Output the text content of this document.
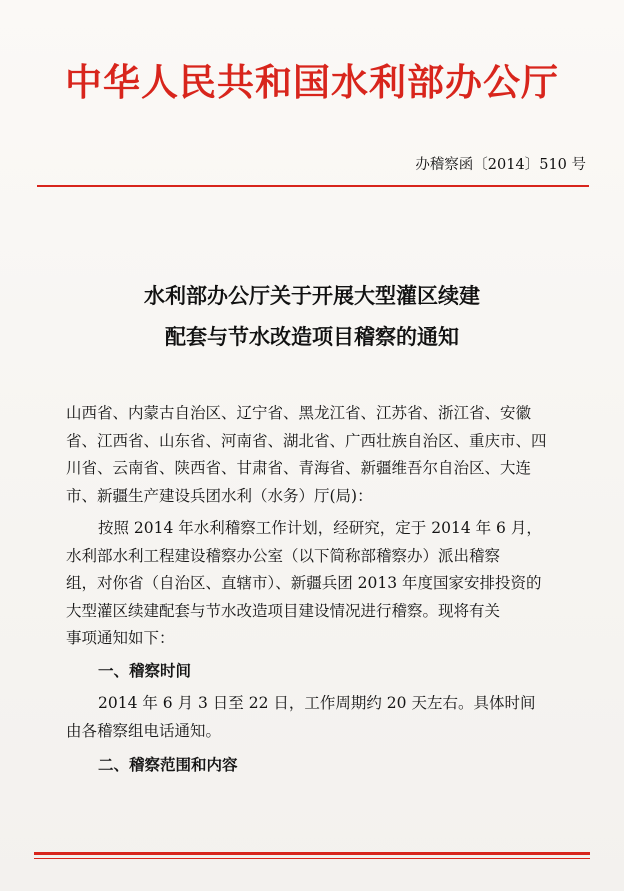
中华人民共和国水利部办公厅
办稽察函〔2014〕510 号
水利部办公厅关于开展大型灌区续建
配套与节水改造项目稽察的通知
山西省、内蒙古自治区、辽宁省、黑龙江省、江苏省、浙江省、安徽
省、江西省、山东省、河南省、湖北省、广西壮族自治区、重庆市、四
川省、云南省、陕西省、甘肃省、青海省、新疆维吾尔自治区、大连
市、新疆生产建设兵团水利（水务）厅(局)：
按照 2014 年水利稽察工作计划，经研究，定于 2014 年 6 月，
水利部水利工程建设稽察办公室（以下简称部稽察办）派出稽察
组，对你省（自治区、直辖市）、新疆兵团 2013 年度国家安排投资的
大型灌区续建配套与节水改造项目建设情况进行稽察。现将有关
事项通知如下：
一、稽察时间
2014 年 6 月 3 日至 22 日，工作周期约 20 天左右。具体时间
由各稽察组电话通知。
二、稽察范围和内容
